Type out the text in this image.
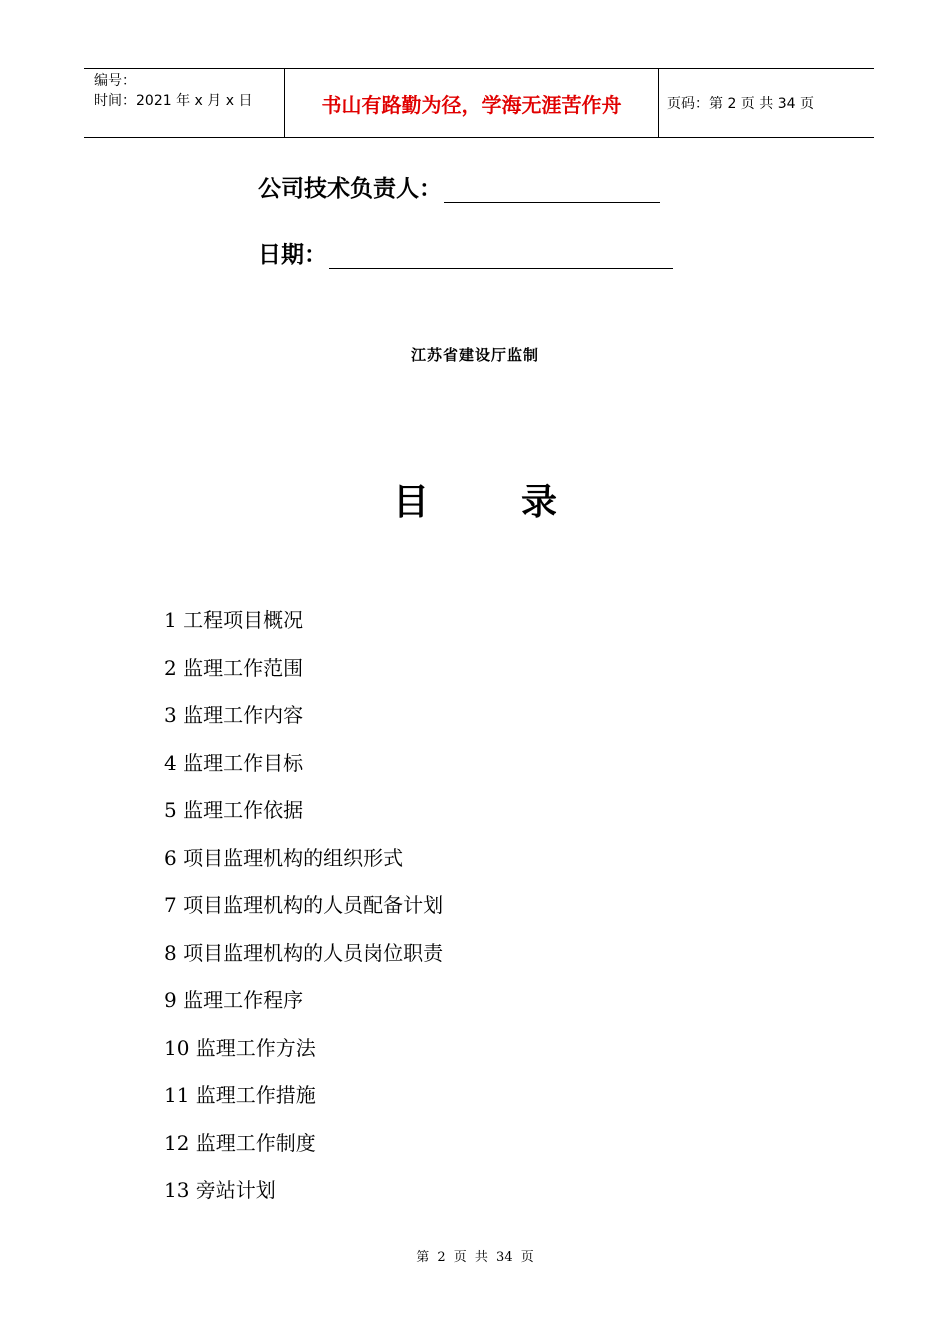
编号：
时间：2021 年 x 月 x 日	书山有路勤为径，学海无涯苦作舟	页码：第 2 页 共 34 页
公司技术负责人：
日期：
江苏省建设厅监制
目	录
1 工程项目概况
2 监理工作范围
3 监理工作内容
4 监理工作目标
5 监理工作依据
6 项目监理机构的组织形式
7 项目监理机构的人员配备计划
8 项目监理机构的人员岗位职责
9 监理工作程序
10 监理工作方法
11 监理工作措施
12 监理工作制度
13 旁站计划
第 2 页 共 34 页
